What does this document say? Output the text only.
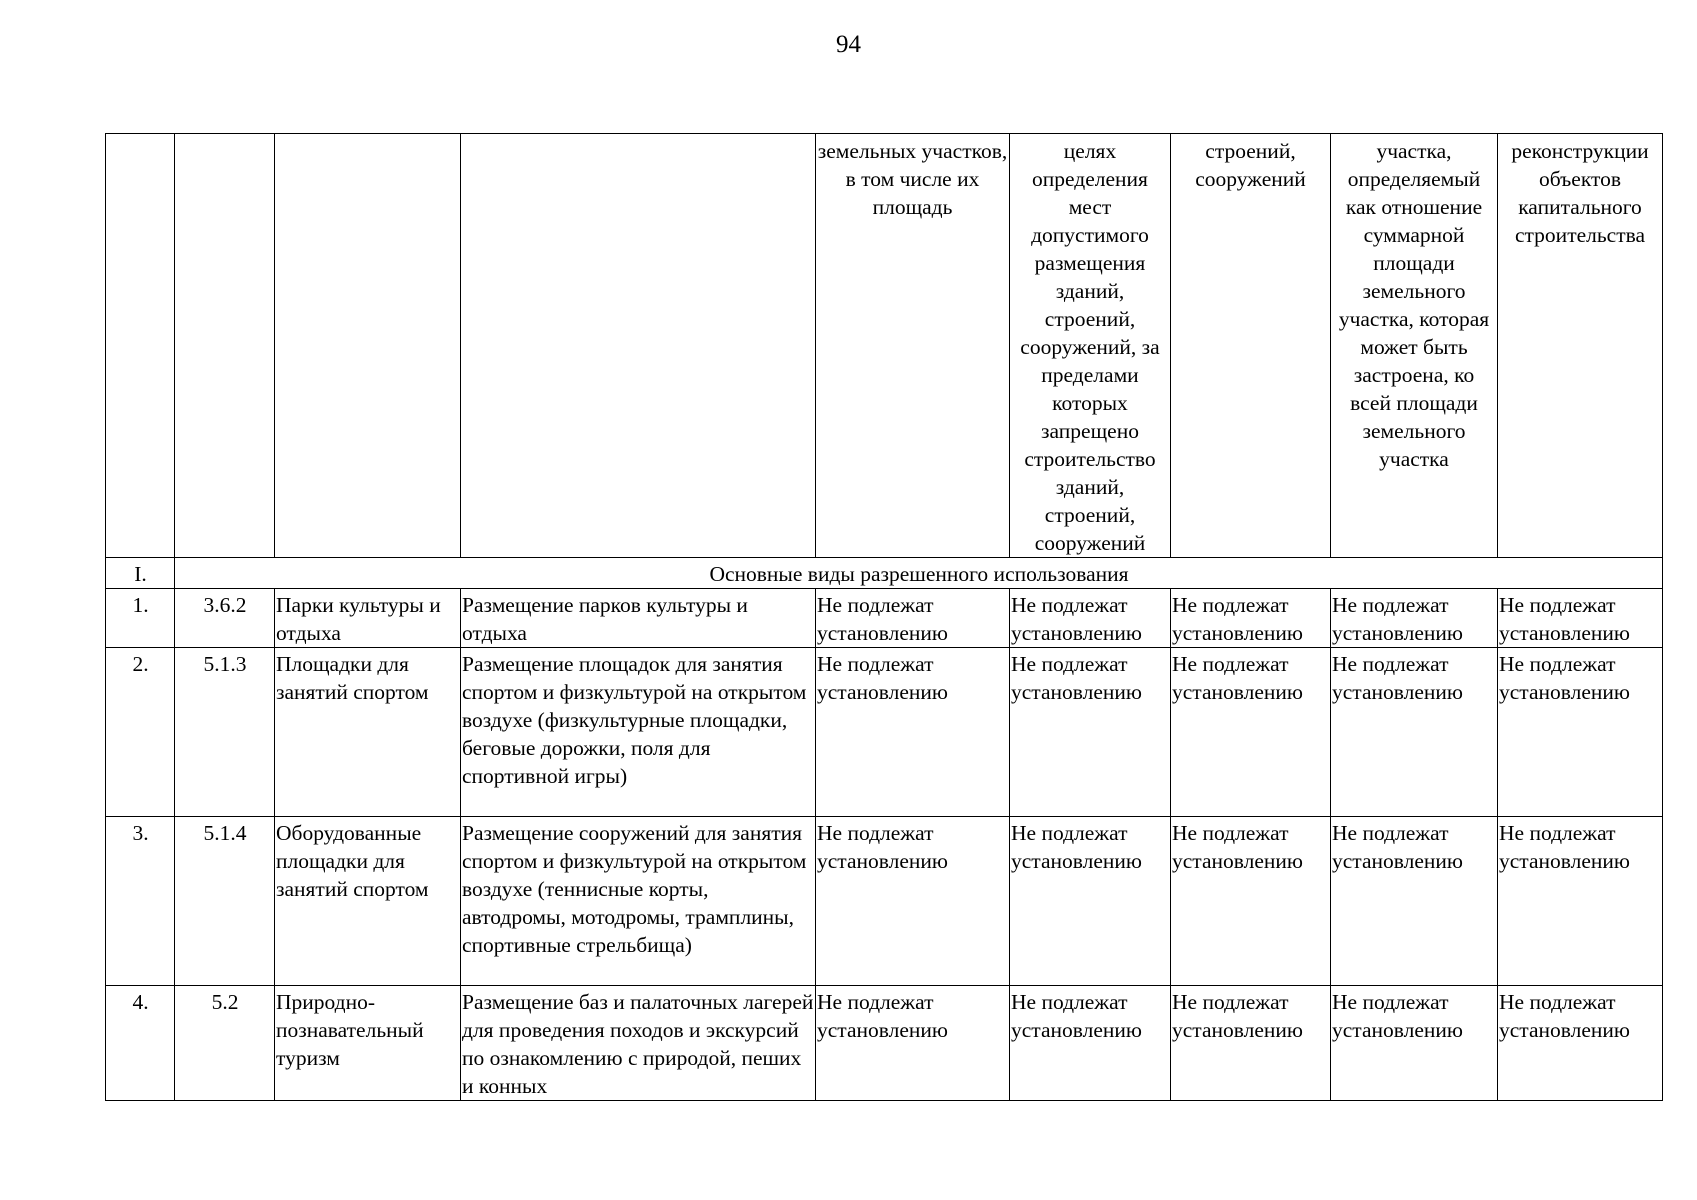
94
				земельных участков, в том числе их площадь	целях определения мест допустимого размещения зданий, строений, сооружений, за пределами которых запрещено строительство зданий, строений, сооружений	строений, сооружений	участка, определяемый как отношение суммарной площади земельного участка, которая может быть застроена, ко всей площади земельного участка	реконструкции объектов капитального строительства
I.	Основные виды разрешенного использования							
1.	3.6.2	Парки культуры и отдыха	Размещение парков культуры и отдыха	Не подлежат установлению	Не подлежат установлению	Не подлежат установлению	Не подлежат установлению	Не подлежат установлению
2.	5.1.3	Площадки для занятий спортом	Размещение площадок для занятия спортом и физкультурой на открытом воздухе (физкультурные площадки, беговые дорожки, поля для спортивной игры)	Не подлежат установлению	Не подлежат установлению	Не подлежат установлению	Не подлежат установлению	Не подлежат установлению
3.	5.1.4	Оборудованные площадки для занятий спортом	Размещение сооружений для занятия спортом и физкультурой на открытом воздухе (теннисные корты, автодромы, мотодромы, трамплины, спортивные стрельбища)	Не подлежат установлению	Не подлежат установлению	Не подлежат установлению	Не подлежат установлению	Не подлежат установлению
4.	5.2	Природно-познавательный туризм	Размещение баз и палаточных лагерей для проведения походов и экскурсий по ознакомлению с природой, пеших и конных	Не подлежат установлению	Не подлежат установлению	Не подлежат установлению	Не подлежат установлению	Не подлежат установлению
